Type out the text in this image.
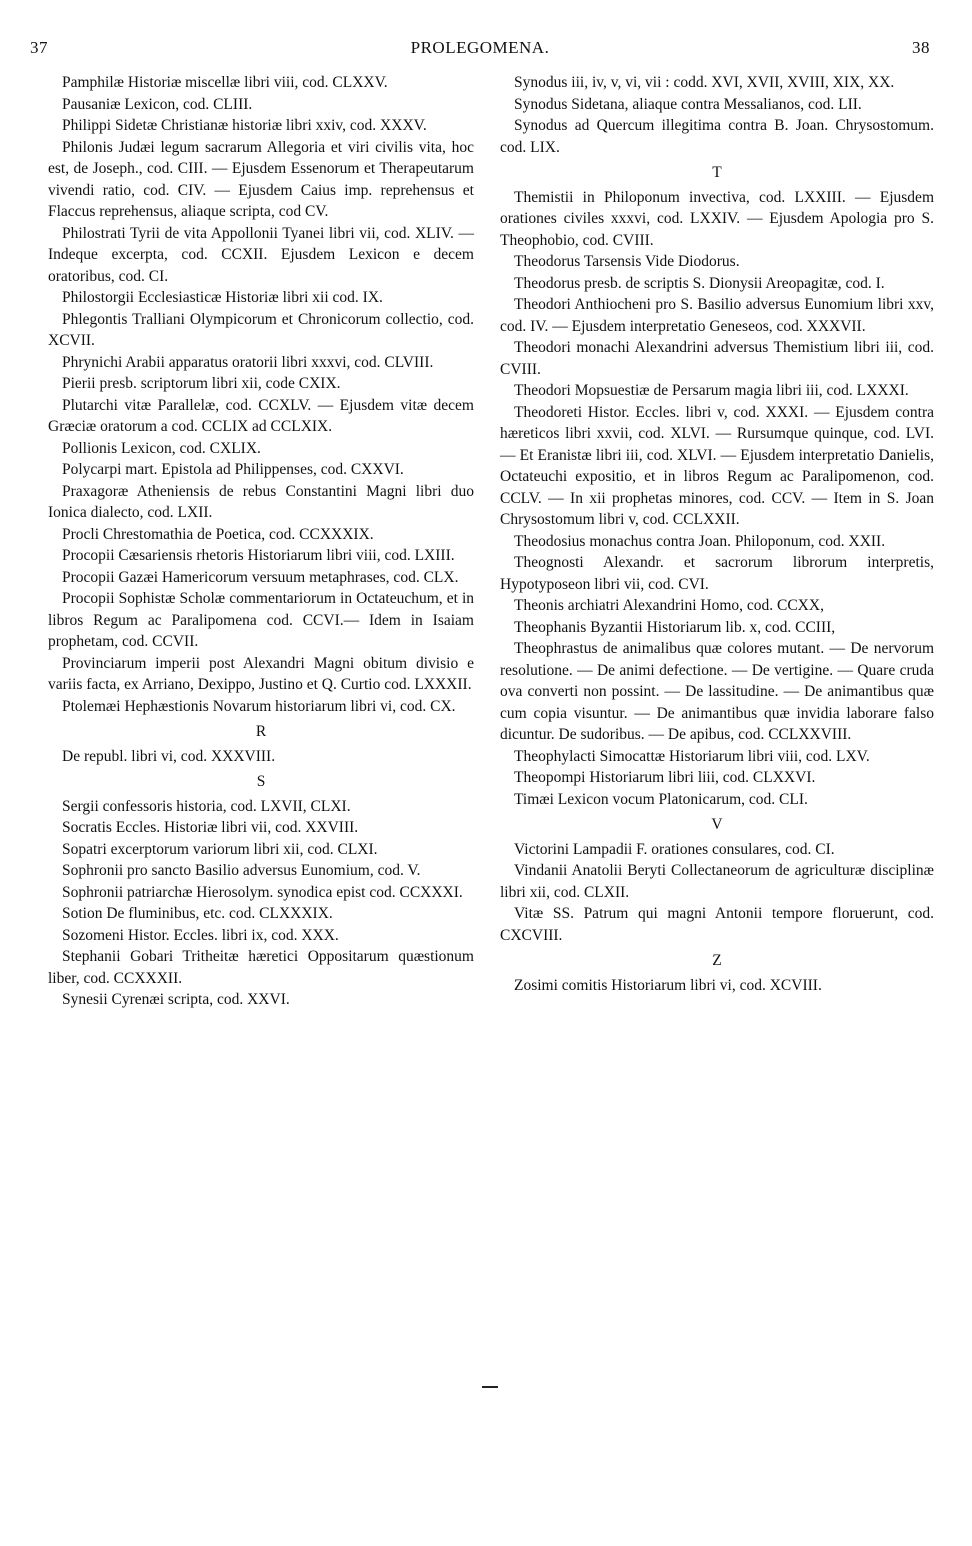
37	PROLEGOMENA.	38

Pamphilæ Historiæ miscellæ libri viii, cod. CLXXV.

Pausaniæ Lexicon, cod. CLIII.

Philippi Sidetæ Christianæ historiæ libri xxiv, cod. XXXV.

Philonis Judæi legum sacrarum Allegoria et viri civilis vita, hoc est, de Joseph., cod. CIII. — Ejusdem Essenorum et Therapeutarum vivendi ratio, cod. CIV. — Ejusdem Caius imp. reprehensus et Flaccus reprehensus, aliaque scripta, cod CV.

Philostrati Tyrii de vita Appollonii Tyanei libri vii, cod. XLIV. — Indeque excerpta, cod. CCXII. Ejusdem Lexicon e decem oratoribus, cod. CI.

Philostorgii Ecclesiasticæ Historiæ libri xii cod. IX.

Phlegontis Tralliani Olympicorum et Chronicorum collectio, cod. XCVII.

Phrynichi Arabii apparatus oratorii libri xxxvi, cod. CLVIII.

Pierii presb. scriptorum libri xii, code CXIX.

Plutarchi vitæ Parallelæ, cod. CCXLV. — Ejusdem vitæ decem Græciæ oratorum a cod. CCLIX ad CCLXIX.

Pollionis Lexicon, cod. CXLIX.

Polycarpi mart. Epistola ad Philippenses, cod. CXXVI.

Praxagoræ Atheniensis de rebus Constantini Magni libri duo Ionica dialecto, cod. LXII.

Procli Chrestomathia de Poetica, cod. CCXXXIX.

Procopii Cæsariensis rhetoris Historiarum libri viii, cod. LXIII.

Procopii Gazæi Hamericorum versuum metaphrases, cod. CLX.

Procopii Sophistæ Scholæ commentariorum in Octateuchum, et in libros Regum ac Paralipomena cod. CCVI.— Idem in Isaiam prophetam, cod. CCVII.

Provinciarum imperii post Alexandri Magni obitum divisio e variis facta, ex Arriano, Dexippo, Justino et Q. Curtio cod. LXXXII.

Ptolemæi Hephæstionis Novarum historiarum libri vi, cod. CX.

R

De republ. libri vi, cod. XXXVIII.

S

Sergii confessoris historia, cod. LXVII, CLXI.

Socratis Eccles. Historiæ libri vii, cod. XXVIII.

Sopatri excerptorum variorum libri xii, cod. CLXI.

Sophronii pro sancto Basilio adversus Eunomium, cod. V.

Sophronii patriarchæ Hierosolym. synodica epist cod. CCXXXI.

Sotion De fluminibus, etc. cod. CLXXXIX.

Sozomeni Histor. Eccles. libri ix, cod. XXX.

Stephanii Gobari Tritheitæ hæretici Oppositarum quæstionum liber, cod. CCXXXII.

Synesii Cyrenæi scripta, cod. XXVI.

Synodus iii, iv, v, vi, vii : codd. XVI, XVII, XVIII, XIX, XX.

Synodus Sidetana, aliaque contra Messalianos, cod. LII.

Synodus ad Quercum illegitima contra B. Joan. Chrysostomum. cod. LIX.

T

Themistii in Philoponum invectiva, cod. LXXIII. — Ejusdem orationes civiles xxxvi, cod. LXXIV. — Ejusdem Apologia pro S. Theophobio, cod. CVIII.

Theodorus Tarsensis Vide Diodorus.

Theodorus presb. de scriptis S. Dionysii Areopagitæ, cod. I.

Theodori Anthiocheni pro S. Basilio adversus Eunomium libri xxv, cod. IV. — Ejusdem interpretatio Geneseos, cod. XXXVII.

Theodori monachi Alexandrini adversus Themistium libri iii, cod. CVIII.

Theodori Mopsuestiæ de Persarum magia libri iii, cod. LXXXI.

Theodoreti Histor. Eccles. libri v, cod. XXXI. — Ejusdem contra hæreticos libri xxvii, cod. XLVI. — Rursumque quinque, cod. LVI. — Et Eranistæ libri iii, cod. XLVI. — Ejusdem interpretatio Danielis, Octateuchi expositio, et in libros Regum ac Paralipomenon, cod. CCLV. — In xii prophetas minores, cod. CCV. — Item in S. Joan Chrysostomum libri v, cod. CCLXXII.

Theodosius monachus contra Joan. Philoponum, cod. XXII.

Theognosti Alexandr. et sacrorum librorum interpretis, Hypotyposeon libri vii, cod. CVI.

Theonis archiatri Alexandrini Homo, cod. CCXX,

Theophanis Byzantii Historiarum lib. x, cod. CCIII,

Theophrastus de animalibus quæ colores mutant. — De nervorum resolutione. — De animi defectione. — De vertigine. — Quare cruda ova converti non possint. — De lassitudine. — De animantibus quæ cum copia visuntur. — De animantibus quæ invidia laborare falso dicuntur. De sudoribus. — De apibus, cod. CCLXXVIII.

Theophylacti Simocattæ Historiarum libri viii, cod. LXV.

Theopompi Historiarum libri liii, cod. CLXXVI.

Timæi Lexicon vocum Platonicarum, cod. CLI.

V

Victorini Lampadii F. orationes consulares, cod. CI.

Vindanii Anatolii Beryti Collectaneorum de agriculturæ disciplinæ libri xii, cod. CLXII.

Vitæ SS. Patrum qui magni Antonii tempore floruerunt, cod. CXCVIII.

Z

Zosimi comitis Historiarum libri vi, cod. XCVIII.
